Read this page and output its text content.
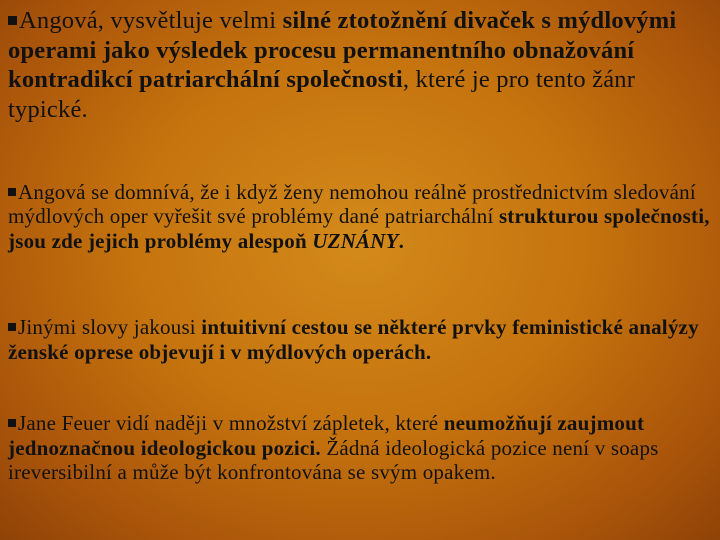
Angová, vysvětluje velmi silné ztotožnění divaček s mýdlovými operami jako výsledek procesu permanentního obnažování kontradikcí patriarchální společnosti, které je pro tento žánr typické.

Angová se domnívá, že i když ženy nemohou reálně prostřednictvím sledování mýdlových oper vyřešit své problémy dané patriarchální strukturou společnosti, jsou zde jejich problémy alespoň UZNÁNY.

Jinými slovy jakousi intuitivní cestou se některé prvky feministické analýzy ženské oprese objevují i v mýdlových operách.

Jane Feuer vidí naději v množství zápletek, které neumožňují zaujmout jednoznačnou ideologickou pozici. Žádná ideologická pozice není v soaps ireversibilní a může být konfrontována se svým opakem.
